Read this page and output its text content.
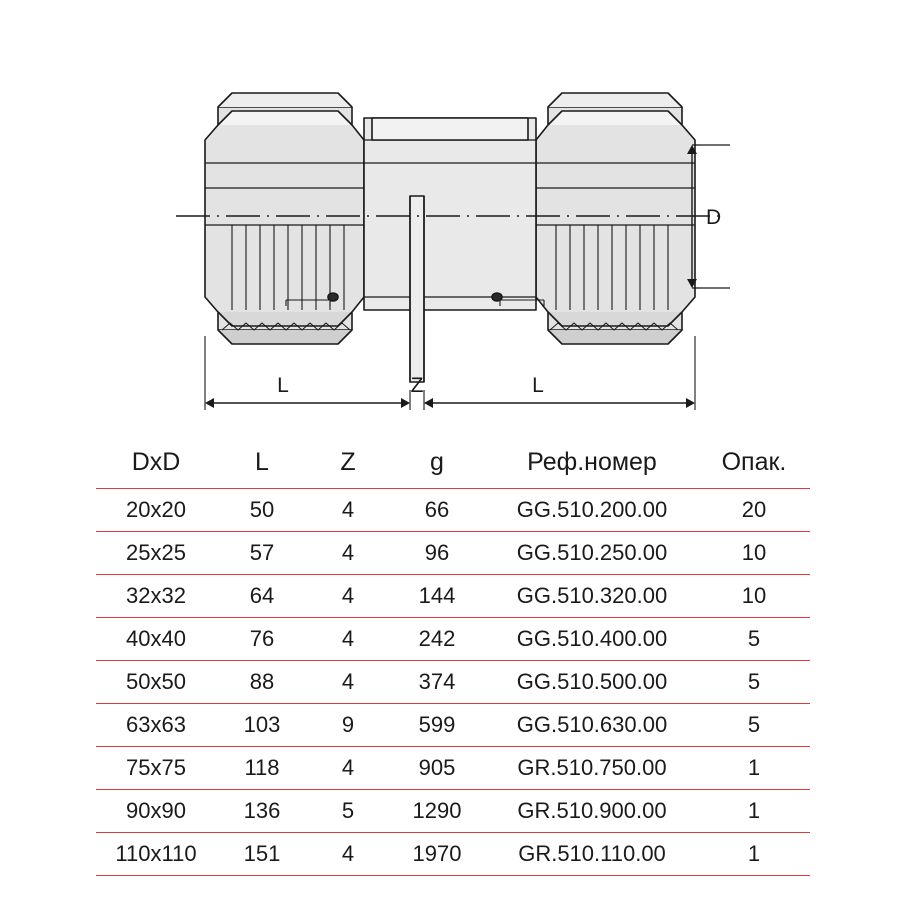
D
L	L
Z
DxD	L	Z	g	Реф.номер	Опак.
20x20	50	4	66	GG.510.200.00	20
25x25	57	4	96	GG.510.250.00	10
32x32	64	4	144	GG.510.320.00	10
40x40	76	4	242	GG.510.400.00	5
50x50	88	4	374	GG.510.500.00	5
63x63	103	9	599	GG.510.630.00	5
75x75	118	4	905	GR.510.750.00	1
90x90	136	5	1290	GR.510.900.00	1
110x110	151	4	1970	GR.510.110.00	1
